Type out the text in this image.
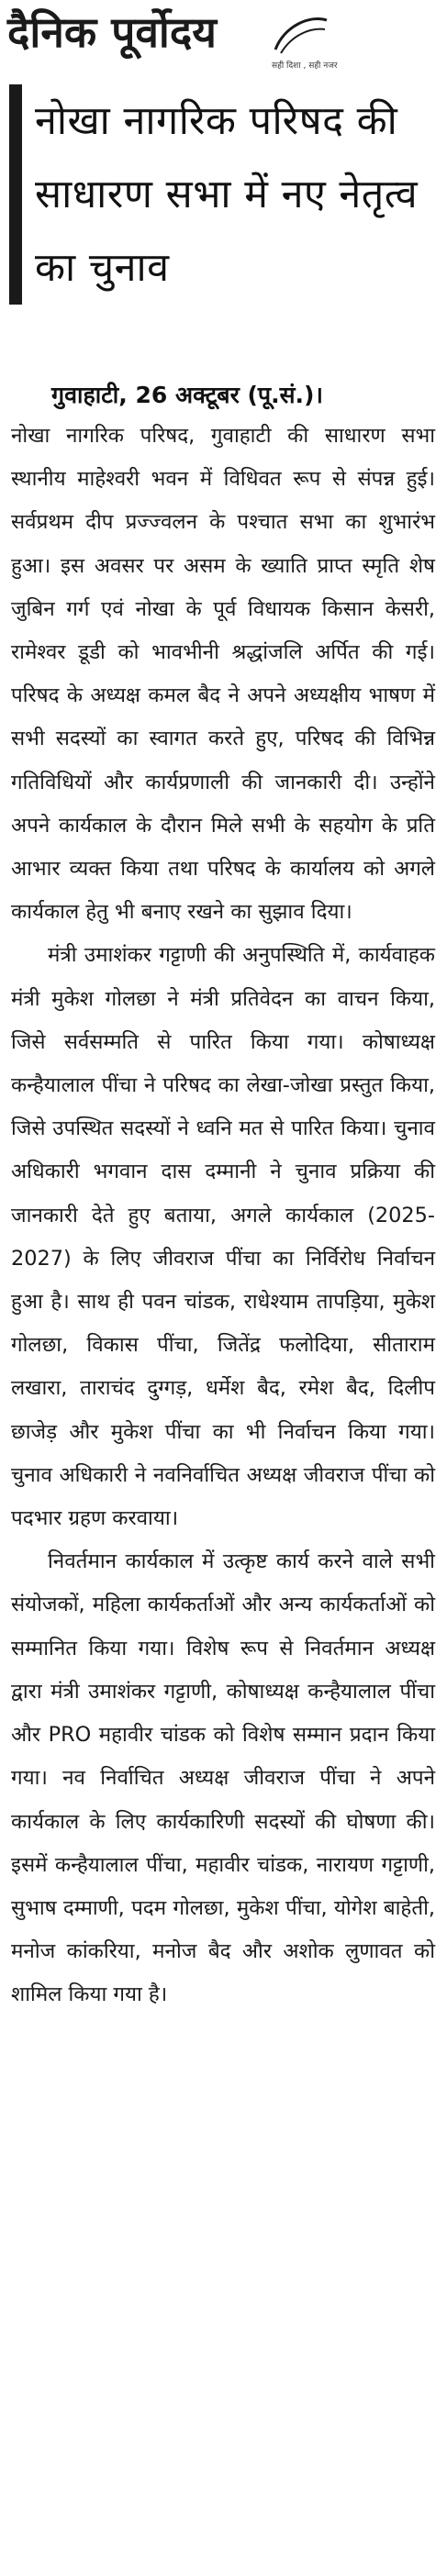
दैनिक पूर्वोदय
सही दिशा , सही नजर
नोखा नागरिक परिषद की साधारण सभा में नए नेतृत्व का चुनाव
गुवाहाटी, 26 अक्टूबर (पू.सं.)।

नोखा नागरिक परिषद, गुवाहाटी की साधारण सभा स्थानीय माहेश्वरी भवन में विधिवत रूप से संपन्न हुई। सर्वप्रथम दीप प्रज्ज्वलन के पश्चात सभा का शुभारंभ हुआ। इस अवसर पर असम के ख्याति प्राप्त स्मृति शेष जुबिन गर्ग एवं नोखा के पूर्व विधायक किसान केसरी, रामेश्वर डूडी को भावभीनी श्रद्धांजलि अर्पित की गई। परिषद के अध्यक्ष कमल बैद ने अपने अध्यक्षीय भाषण में सभी सदस्यों का स्वागत करते हुए, परिषद की विभिन्न गतिविधियों और कार्यप्रणाली की जानकारी दी। उन्होंने अपने कार्यकाल के दौरान मिले सभी के सहयोग के प्रति आभार व्यक्त किया तथा परिषद के कार्यालय को अगले कार्यकाल हेतु भी बनाए रखने का सुझाव दिया।

मंत्री उमाशंकर गट्टाणी की अनुपस्थिति में, कार्यवाहक मंत्री मुकेश गोलछा ने मंत्री प्रतिवेदन का वाचन किया, जिसे सर्वसम्मति से पारित किया गया। कोषाध्यक्ष कन्हैयालाल पींचा ने परिषद का लेखा-जोखा प्रस्तुत किया, जिसे उपस्थित सदस्यों ने ध्वनि मत से पारित किया। चुनाव अधिकारी भगवान दास दम्मानी ने चुनाव प्रक्रिया की जानकारी देते हुए बताया, अगले कार्यकाल (2025-2027) के लिए जीवराज पींचा का निर्विरोध निर्वाचन हुआ है। साथ ही पवन चांडक, राधेश्याम तापड़िया, मुकेश गोलछा, विकास पींचा, जितेंद्र फलोदिया, सीताराम लखारा, ताराचंद दुग्गड़, धर्मेश बैद, रमेश बैद, दिलीप छाजेड़ और मुकेश पींचा का भी निर्वाचन किया गया। चुनाव अधिकारी ने नवनिर्वाचित अध्यक्ष जीवराज पींचा को पदभार ग्रहण करवाया।

निवर्तमान कार्यकाल में उत्कृष्ट कार्य करने वाले सभी संयोजकों, महिला कार्यकर्ताओं और अन्य कार्यकर्ताओं को सम्मानित किया गया। विशेष रूप से निवर्तमान अध्यक्ष द्वारा मंत्री उमाशंकर गट्टाणी, कोषाध्यक्ष कन्हैयालाल पींचा और PRO महावीर चांडक को विशेष सम्मान प्रदान किया गया। नव निर्वाचित अध्यक्ष जीवराज पींचा ने अपने कार्यकाल के लिए कार्यकारिणी सदस्यों की घोषणा की। इसमें कन्हैयालाल पींचा, महावीर चांडक, नारायण गट्टाणी, सुभाष दम्माणी, पदम गोलछा, मुकेश पींचा, योगेश बाहेती, मनोज कांकरिया, मनोज बैद और अशोक लुणावत को शामिल किया गया है।
